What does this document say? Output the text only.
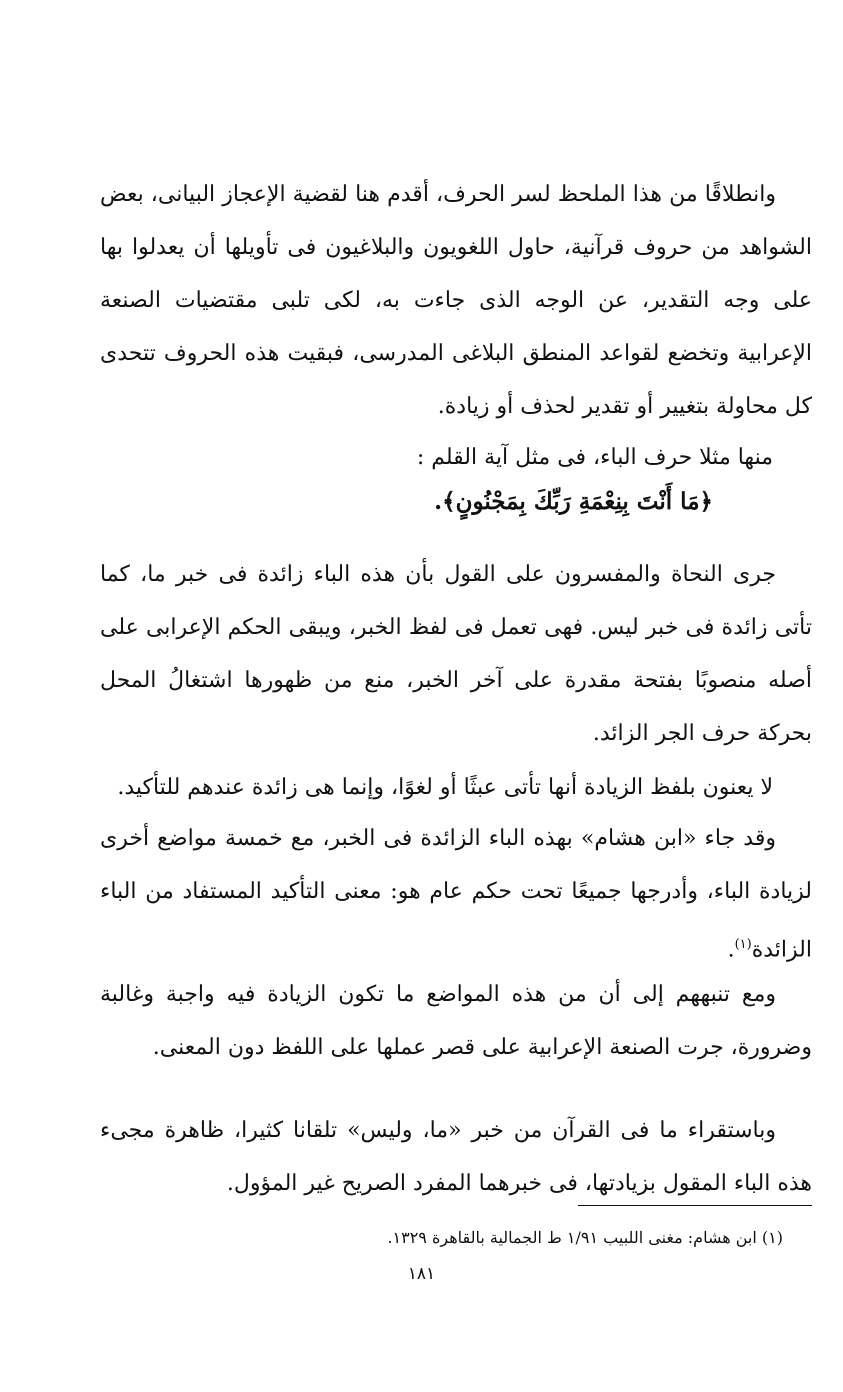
وانطلاقًا من هذا الملحظ لسر الحرف، أقدم هنا لقضية الإعجاز البيانى، بعض الشواهد من حروف قرآنية، حاول اللغويون والبلاغيون فى تأويلها أن يعدلوا بها على وجه التقدير، عن الوجه الذى جاءت به، لكى تلبى مقتضيات الصنعة الإعرابية وتخضع لقواعد المنطق البلاغى المدرسى، فبقيت هذه الحروف تتحدى كل محاولة بتغيير أو تقدير لحذف أو زيادة.

منها مثلا حرف الباء، فى مثل آية القلم :

﴿مَا أَنْتَ بِنِعْمَةِ رَبِّكَ بِمَجْنُونٍ﴾.

جرى النحاة والمفسرون على القول بأن هذه الباء زائدة فى خبر ما، كما تأتى زائدة فى خبر ليس. فهى تعمل فى لفظ الخبر، ويبقى الحكم الإعرابى على أصله منصوبًا بفتحة مقدرة على آخر الخبر، منع من ظهورها اشتغالُ المحل بحركة حرف الجر الزائد.

لا يعنون بلفظ الزيادة أنها تأتى عبثًا أو لغوًا، وإنما هى زائدة عندهم للتأكيد.

وقد جاء «ابن هشام» بهذه الباء الزائدة فى الخبر، مع خمسة مواضع أخرى لزيادة الباء، وأدرجها جميعًا تحت حكم عام هو: معنى التأكيد المستفاد من الباء الزائدة$^{(١)}$.

ومع تنبههم إلى أن من هذه المواضع ما تكون الزيادة فيه واجبة وغالبة وضرورة، جرت الصنعة الإعرابية على قصر عملها على اللفظ دون المعنى.

وباستقراء ما فى القرآن من خبر «ما، وليس» تلقانا كثيرا، ظاهرة مجىء هذه الباء المقول بزيادتها، فى خبرهما المفرد الصريح غير المؤول.

(١) ابن هشام: مغنى اللبيب ١/٩١ ط الجمالية بالقاهرة ١٣٢٩.
١٨١
